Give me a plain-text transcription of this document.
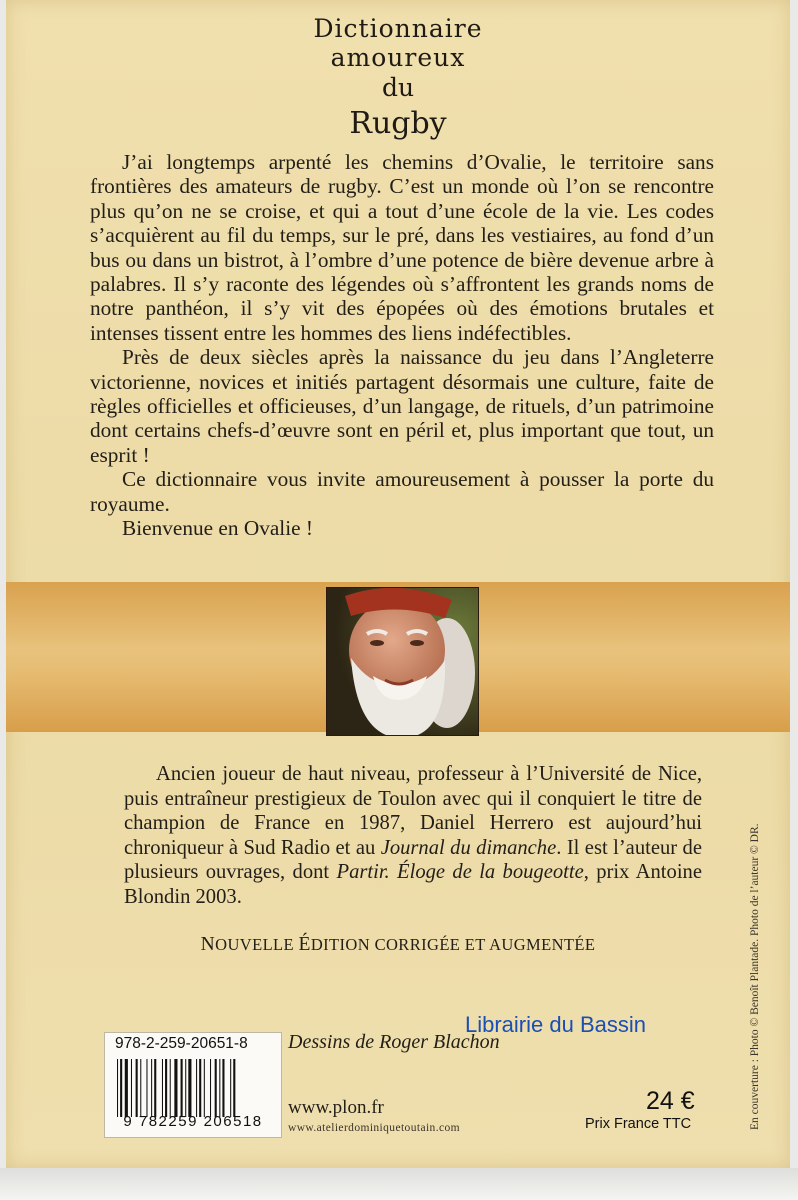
Dictionnaire
amoureux
du
Rugby

J’ai longtemps arpenté les chemins d’Ovalie, le territoire sans frontières des amateurs de rugby. C’est un monde où l’on se rencontre plus qu’on ne se croise, et qui a tout d’une école de la vie. Les codes s’acquièrent au fil du temps, sur le pré, dans les vestiaires, au fond d’un bus ou dans un bistrot, à l’ombre d’une potence de bière devenue arbre à palabres. Il s’y raconte des légendes où s’affrontent les grands noms de notre panthéon, il s’y vit des épopées où des émotions brutales et intenses tissent entre les hommes des liens indéfectibles.

Près de deux siècles après la naissance du jeu dans l’Angleterre victorienne, novices et initiés partagent désormais une culture, faite de règles officielles et officieuses, d’un langage, de rituels, d’un patrimoine dont certains chefs-d’œuvre sont en péril et, plus important que tout, un esprit !

Ce dictionnaire vous invite amoureusement à pousser la porte du royaume.

Bienvenue en Ovalie !

Ancien joueur de haut niveau, professeur à l’Université de Nice, puis entraîneur prestigieux de Toulon avec qui il conquiert le titre de champion de France en 1987, Daniel Herrero est aujourd’hui chroniqueur à Sud Radio et au Journal du dimanche. Il est l’auteur de plusieurs ouvrages, dont Partir. Éloge de la bougeotte, prix Antoine Blondin 2003.

NOUVELLE ÉDITION CORRIGÉE ET AUGMENTÉE
Librairie du Bassin
978-2-259-20651-8
9 782259 206518
Dessins de Roger Blachon
www.plon.fr
www.atelierdominiquetoutain.com
24 €
Prix France TTC	En couverture : Photo © Benoît Plantade. Photo de l’auteur © DR.
